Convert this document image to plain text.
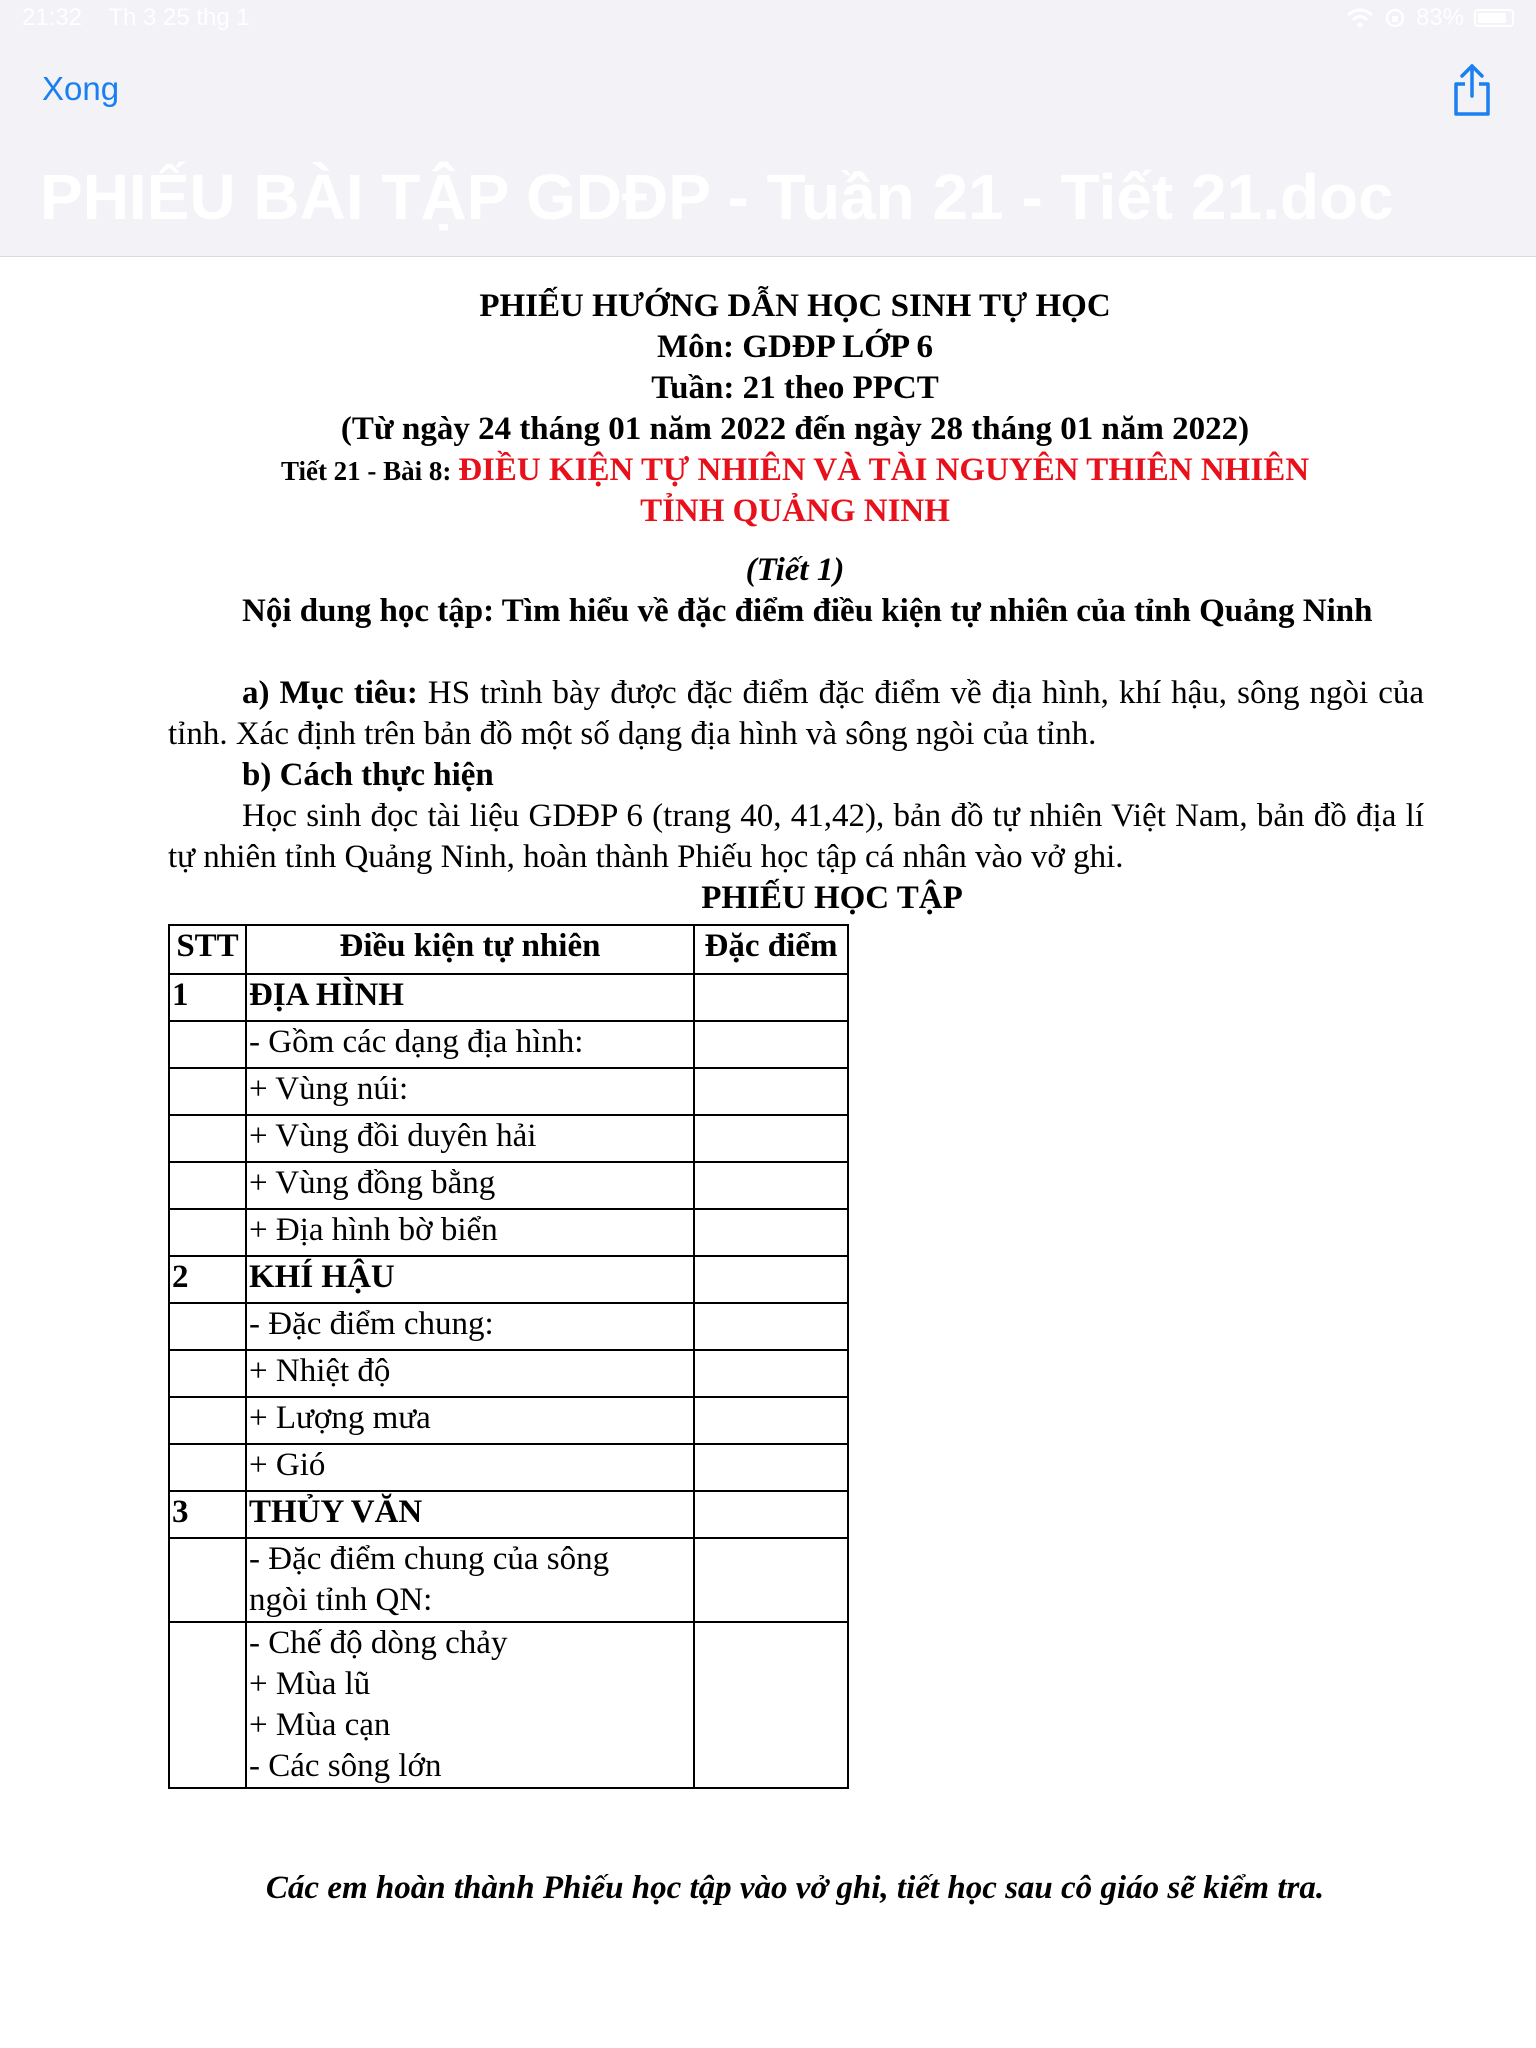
21:32 Th 3 25 thg 1	83%
Xong
PHIẾU BÀI TẬP GDĐP - Tuần 21 - Tiết 21.doc
PHIẾU HƯỚNG DẪN HỌC SINH TỰ HỌC
Môn: GDĐP LỚP 6
Tuần: 21 theo PPCT
(Từ ngày 24 tháng 01 năm 2022 đến ngày 28 tháng 01 năm 2022)
Tiết 21 - Bài 8: ĐIỀU KIỆN TỰ NHIÊN VÀ TÀI NGUYÊN THIÊN NHIÊN
TỈNH QUẢNG NINH
(Tiết 1)
Nội dung học tập: Tìm hiểu về đặc điểm điều kiện tự nhiên của tỉnh Quảng Ninh
a) Mục tiêu: HS trình bày được đặc điểm đặc điểm về địa hình, khí hậu, sông ngòi của tỉnh. Xác định trên bản đồ một số dạng địa hình và sông ngòi của tỉnh.
b) Cách thực hiện
Học sinh đọc tài liệu GDĐP 6 (trang 40, 41,42), bản đồ tự nhiên Việt Nam, bản đồ địa lí tự nhiên tỉnh Quảng Ninh, hoàn thành Phiếu học tập cá nhân vào vở ghi.
PHIẾU HỌC TẬP
STT	Điều kiện tự nhiên	Đặc điểm
1	ĐỊA HÌNH	
	- Gồm các dạng địa hình:	
	+ Vùng núi:	
	+ Vùng đồi duyên hải	
	+ Vùng đồng bằng	
	+ Địa hình bờ biển	
2	KHÍ HẬU	
	- Đặc điểm chung:	
	+ Nhiệt độ	
	+ Lượng mưa	
	+ Gió	
3	THỦY VĂN	

	- Đặc điểm chung của sông
ngòi tỉnh QN:	

	- Chế độ dòng chảy
+ Mùa lũ
+ Mùa cạn
- Các sông lớn	

Các em hoàn thành Phiếu học tập vào vở ghi, tiết học sau cô giáo sẽ kiểm tra.
